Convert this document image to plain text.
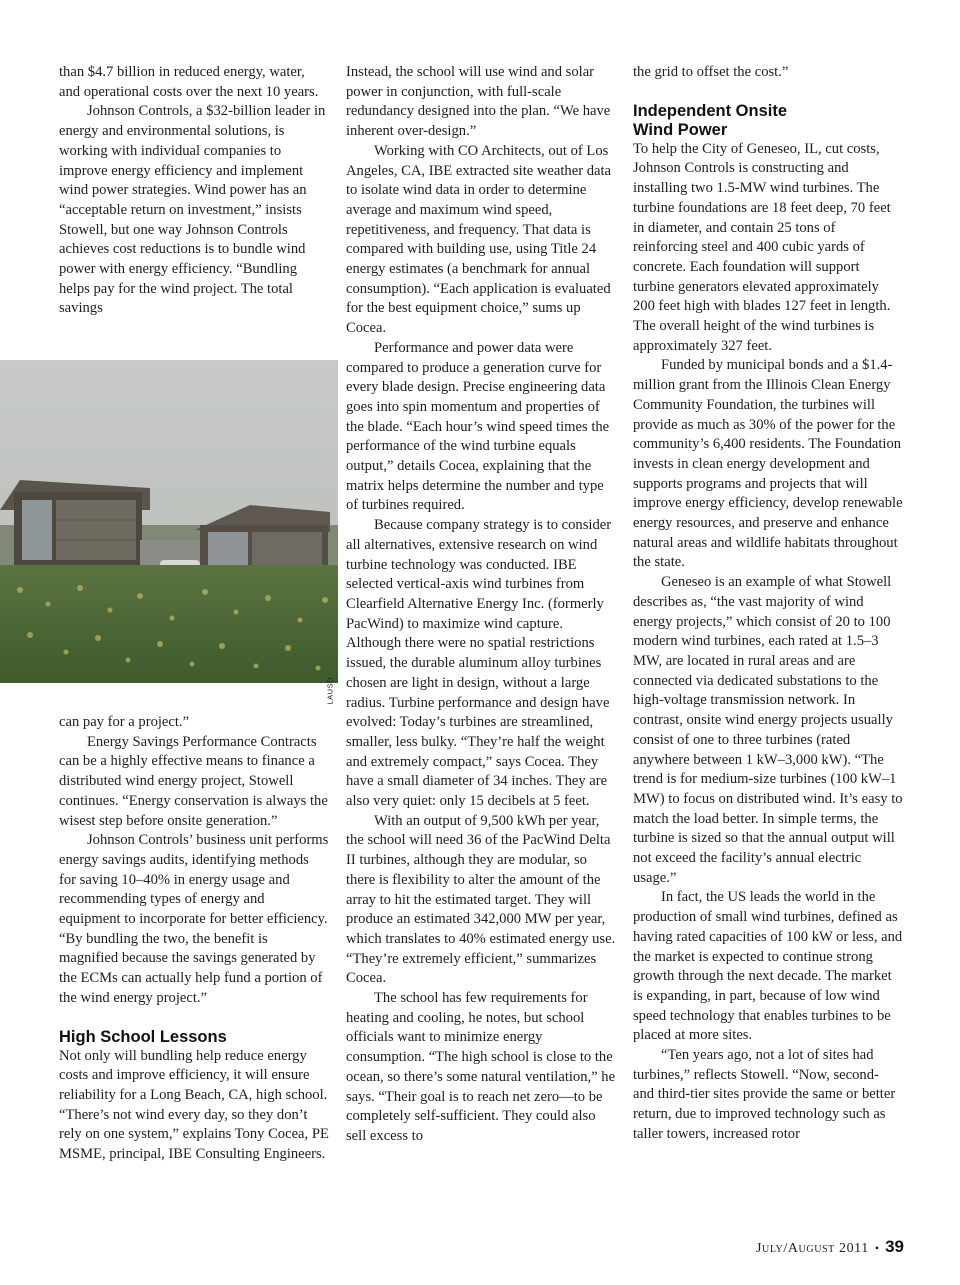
than $4.7 billion in reduced energy, water, and operational costs over the next 10 years.

Johnson Controls, a $32-billion leader in energy and environmental solutions, is working with individual companies to improve energy efficiency and implement wind power strategies. Wind power has an “acceptable return on investment,” insists Stowell, but one way Johnson Controls achieves cost reductions is to bundle wind power with energy efficiency. “Bundling helps pay for the wind project. The total savings

LAUSD

can pay for a project.”

Energy Savings Performance Contracts can be a highly effective means to finance a distributed wind energy project, Stowell continues. “Energy conservation is always the wisest step before onsite generation.”

Johnson Controls’ business unit performs energy savings audits, identifying methods for saving 10–40% in energy usage and recommending types of energy and equipment to incorporate for better efficiency. “By bundling the two, the benefit is magnified because the savings generated by the ECMs can actually help fund a portion of the wind energy project.”

High School Lessons

Not only will bundling help reduce energy costs and improve efficiency, it will ensure reliability for a Long Beach, CA, high school. “There’s not wind every day, so they don’t rely on one system,” explains Tony Cocea, PE MSME, principal, IBE Consulting Engineers.

Instead, the school will use wind and solar power in conjunction, with full-scale redundancy designed into the plan. “We have inherent over-design.”

Working with CO Architects, out of Los Angeles, CA, IBE extracted site weather data to isolate wind data in order to determine average and maximum wind speed, repetitiveness, and frequency. That data is compared with building use, using Title 24 energy estimates (a benchmark for annual consumption). “Each application is evaluated for the best equipment choice,” sums up Cocea.

Performance and power data were compared to produce a generation curve for every blade design. Precise engineering data goes into spin momentum and properties of the blade. “Each hour’s wind speed times the performance of the wind turbine equals output,” details Cocea, explaining that the matrix helps determine the number and type of turbines required.

Because company strategy is to consider all alternatives, extensive research on wind turbine technology was conducted. IBE selected vertical-axis wind turbines from Clearfield Alternative Energy Inc. (formerly PacWind) to maximize wind capture. Although there were no spatial restrictions issued, the durable aluminum alloy turbines chosen are light in design, without a large radius. Turbine performance and design have evolved: Today’s turbines are streamlined, smaller, less bulky. “They’re half the weight and extremely compact,” says Cocea. They have a small diameter of 34 inches. They are also very quiet: only 15 decibels at 5 feet.

With an output of 9,500 kWh per year, the school will need 36 of the PacWind Delta II turbines, although they are modular, so there is flexibility to alter the amount of the array to hit the estimated target. They will produce an estimated 342,000 MW per year, which translates to 40% estimated energy use. “They’re extremely efficient,” summarizes Cocea.

The school has few requirements for heating and cooling, he notes, but school officials want to minimize energy consumption. “The high school is close to the ocean, so there’s some natural ventilation,” he says. “Their goal is to reach net zero—to be completely self-sufficient. They could also sell excess to

the grid to offset the cost.”

Independent Onsite
Wind Power

To help the City of Geneseo, IL, cut costs, Johnson Controls is constructing and installing two 1.5-MW wind turbines. The turbine foundations are 18 feet deep, 70 feet in diameter, and contain 25 tons of reinforcing steel and 400 cubic yards of concrete. Each foundation will support turbine generators elevated approximately 200 feet high with blades 127 feet in length. The overall height of the wind turbines is approximately 327 feet.

Funded by municipal bonds and a $1.4-million grant from the Illinois Clean Energy Community Foundation, the turbines will provide as much as 30% of the power for the community’s 6,400 residents. The Foundation invests in clean energy development and supports programs and projects that will improve energy efficiency, develop renewable energy resources, and preserve and enhance natural areas and wildlife habitats throughout the state.

Geneseo is an example of what Stowell describes as, “the vast majority of wind energy projects,” which consist of 20 to 100 modern wind turbines, each rated at 1.5–3 MW, are located in rural areas and are connected via dedicated substations to the high-voltage transmission network. In contrast, onsite wind energy projects usually consist of one to three turbines (rated anywhere between 1 kW–3,000 kW). “The trend is for medium-size turbines (100 kW–1 MW) to focus on distributed wind. It’s easy to match the load better. In simple terms, the turbine is sized so that the annual output will not exceed the facility’s annual electric usage.”

In fact, the US leads the world in the production of small wind turbines, defined as having rated capacities of 100 kW or less, and the market is expected to continue strong growth through the next decade. The market is expanding, in part, because of low wind speed technology that enables turbines to be placed at more sites.

“Ten years ago, not a lot of sites had turbines,” reflects Stowell. “Now, second- and third-tier sites provide the same or better return, due to improved technology such as taller towers, increased rotor

July/August 2011 • 39
